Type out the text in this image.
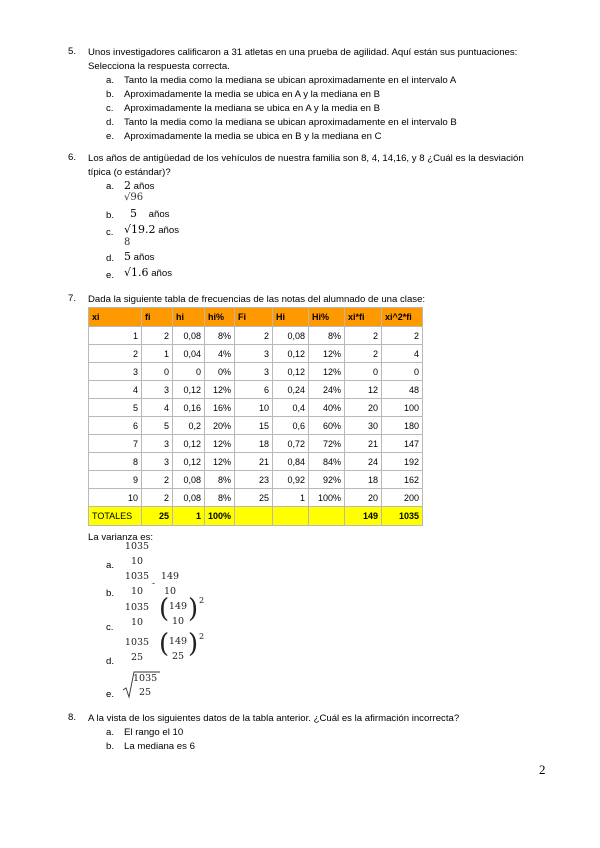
5. Unos investigadores calificaron a 31 atletas en una prueba de agilidad. Aquí están sus puntuaciones:
Selecciona la respuesta correcta.
a. Tanto la media como la mediana se ubican aproximadamente en el intervalo A
b. Aproximadamente la media se ubica en A y la mediana en B
c. Aproximadamente la mediana se ubica en A y la media en B
d. Tanto la media como la mediana se ubican aproximadamente en el intervalo B
e. Aproximadamente la media se ubica en B y la mediana en C
6. Los años de antigüedad de los vehículos de nuestra familia son 8, 4, 14,16, y 8 ¿Cuál es la desviación
típica (o estándar)?
a. 2 años
√96
b. 5 años
c. √19.2 años
8
d. 5 años
e. √1.6 años
7. Dada la siguiente tabla de frecuencias de las notas del alumnado de una clase:
xi	fi	hi	hi%	Fi	Hi	Hi%	xi*fi	xi^2*fi
1	2	0,08	8%	2	0,08	8%	2	2
2	1	0,04	4%	3	0,12	12%	2	4
3	0	0	0%	3	0,12	12%	0	0
4	3	0,12	12%	6	0,24	24%	12	48
5	4	0,16	16%	10	0,4	40%	20	100
6	5	0,2	20%	15	0,6	60%	30	180
7	3	0,12	12%	18	0,72	72%	21	147
8	3	0,12	12%	21	0,84	84%	24	192
9	2	0,08	8%	23	0,92	92%	18	162
10	2	0,08	8%	25	1	100%	20	200
TOTALES	25	1	100%				149	1035
La varianza es:
a.
1035
10
b.
1035
10
-
149
10
c.
1035
10 ( 149
10 ) 2
d.
1035
25 ( 149
25 ) 2
e.
1035
25
8. A la vista de los siguientes datos de la tabla anterior. ¿Cuál es la afirmación incorrecta?
a. El rango el 10
b. La mediana es 6
2
